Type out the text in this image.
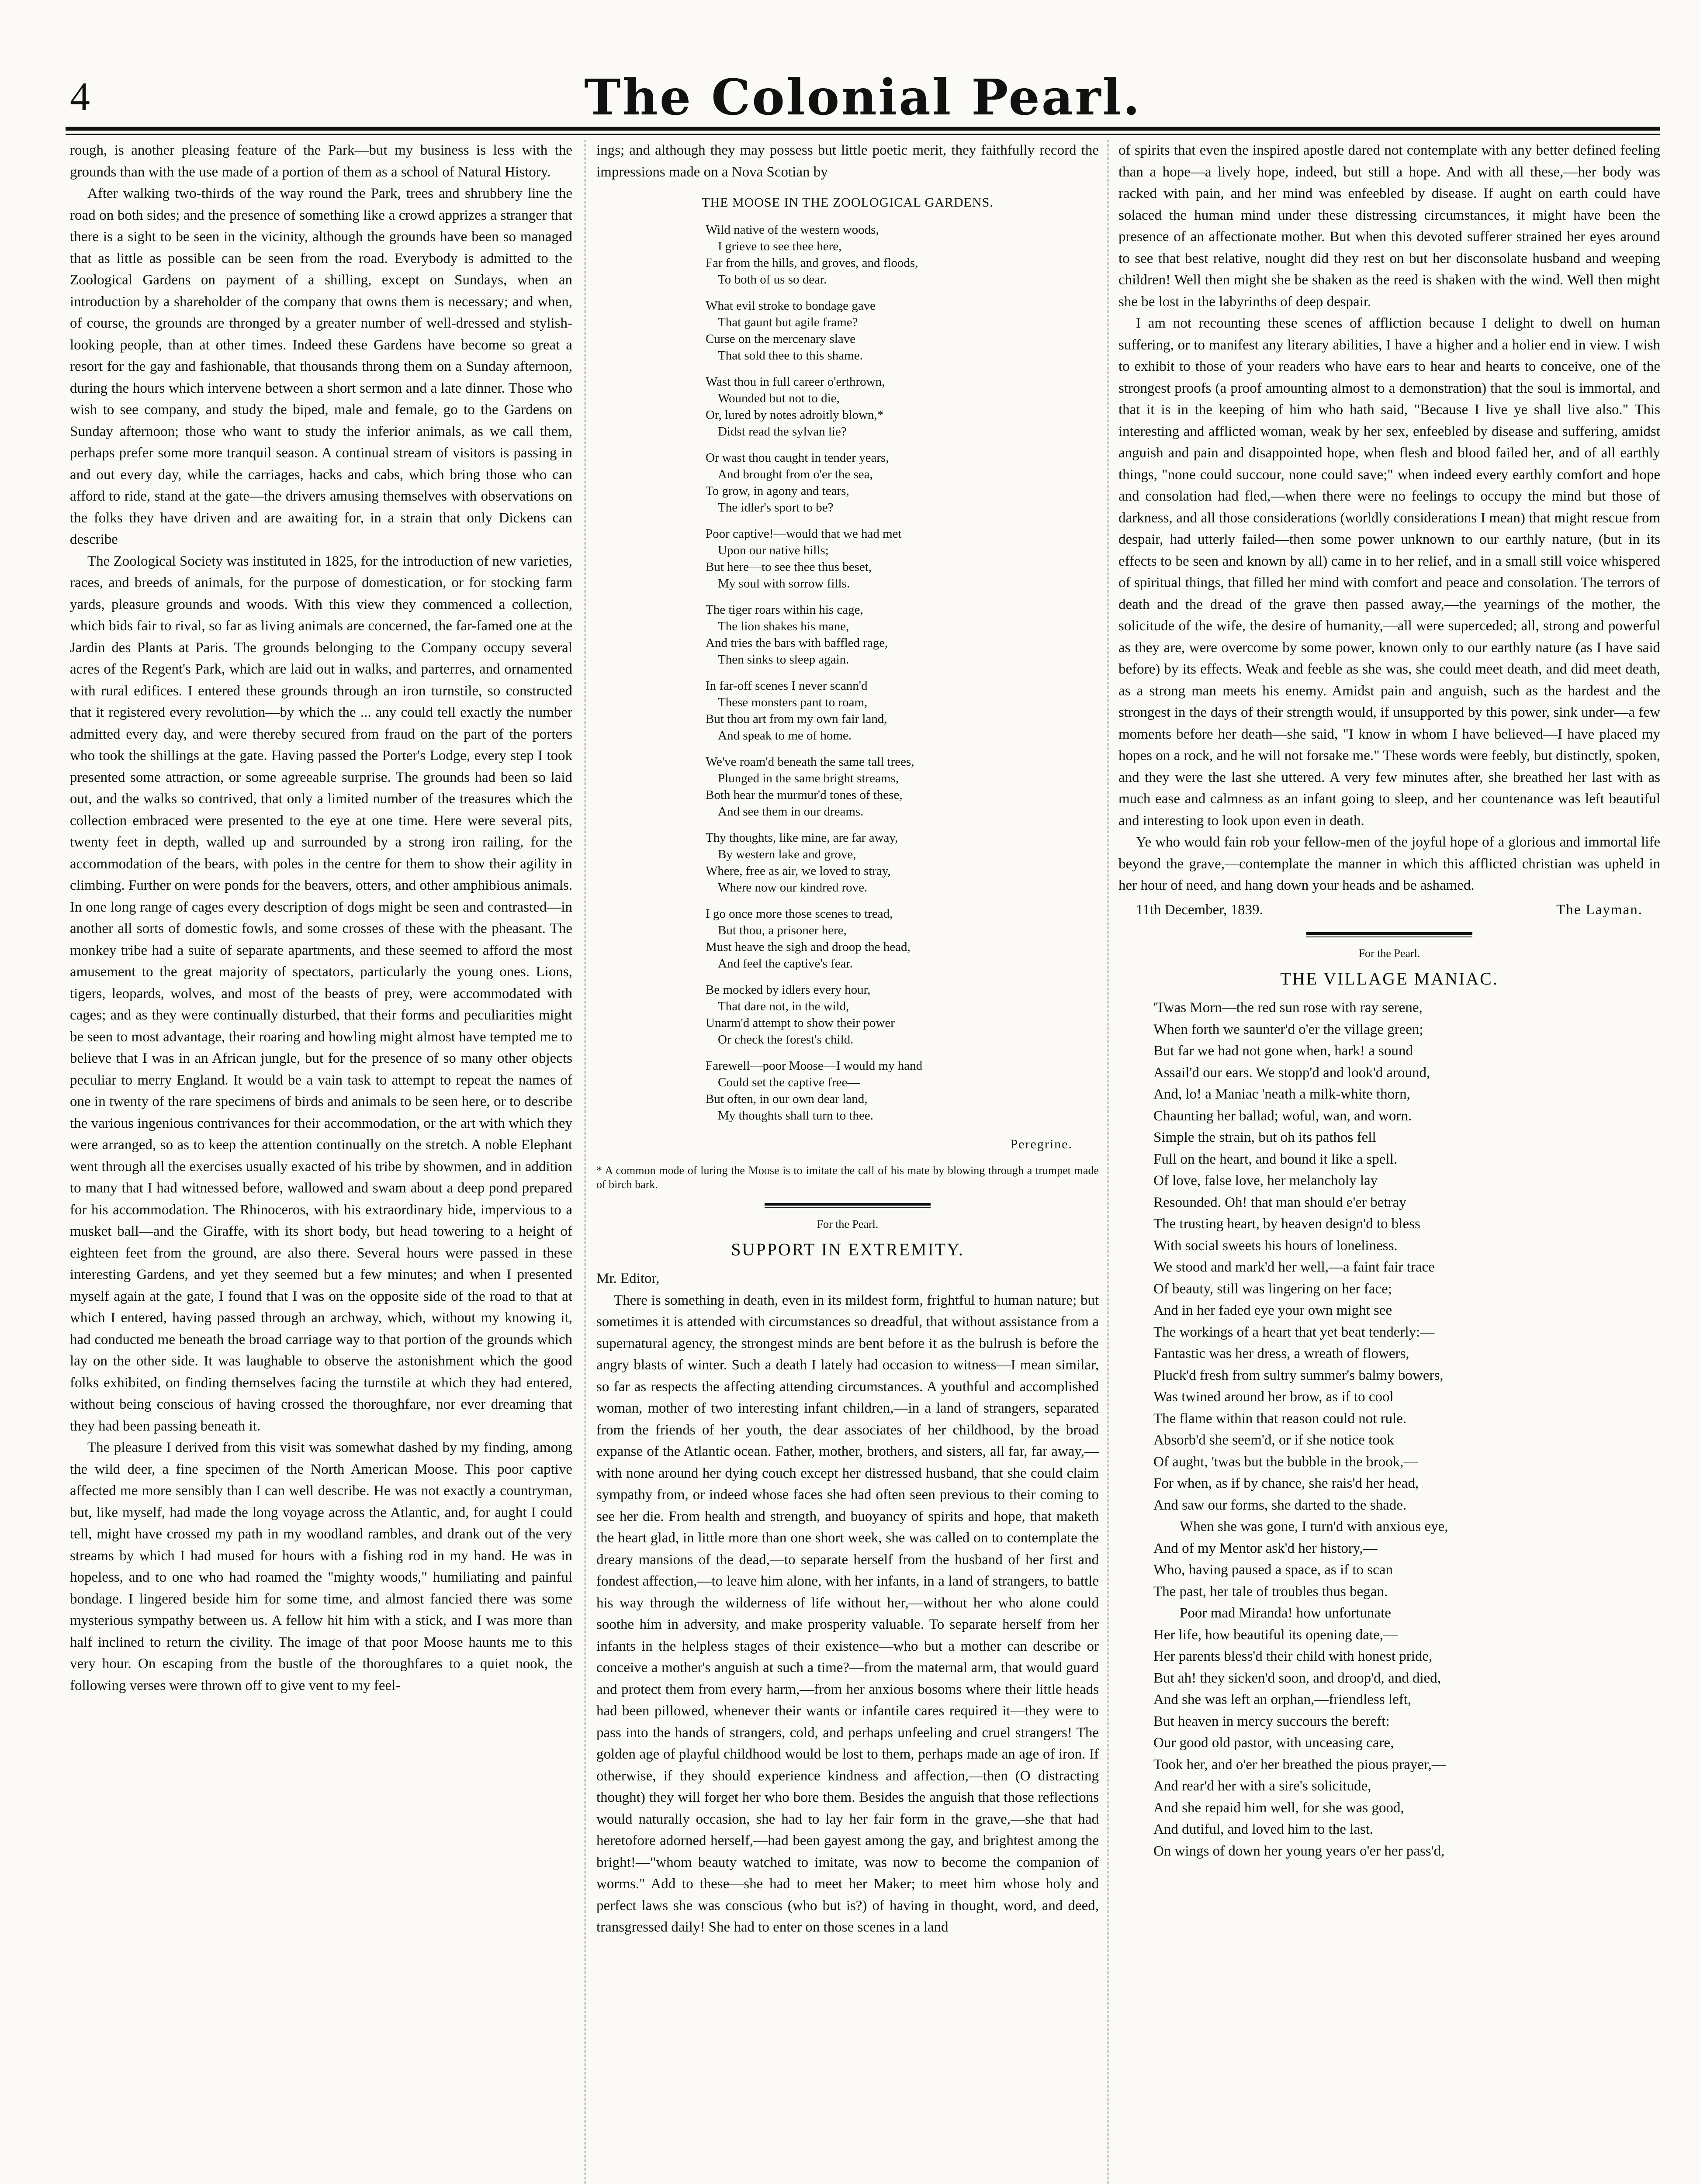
4	The Colonial Pearl.

rough, is another pleasing feature of the Park—but my business is less with the grounds than with the use made of a portion of them as a school of Natural History.

After walking two-thirds of the way round the Park, trees and shrubbery line the road on both sides; and the presence of something like a crowd apprizes a stranger that there is a sight to be seen in the vicinity, although the grounds have been so managed that as little as possible can be seen from the road. Everybody is admitted to the Zoological Gardens on payment of a shilling, except on Sundays, when an introduction by a shareholder of the company that owns them is necessary; and when, of course, the grounds are thronged by a greater number of well-dressed and stylish-looking people, than at other times. Indeed these Gardens have become so great a resort for the gay and fashionable, that thousands throng them on a Sunday afternoon, during the hours which intervene between a short sermon and a late dinner. Those who wish to see company, and study the biped, male and female, go to the Gardens on Sunday afternoon; those who want to study the inferior animals, as we call them, perhaps prefer some more tranquil season. A continual stream of visitors is passing in and out every day, while the carriages, hacks and cabs, which bring those who can afford to ride, stand at the gate—the drivers amusing themselves with observations on the folks they have driven and are awaiting for, in a strain that only Dickens can describe

The Zoological Society was instituted in 1825, for the introduction of new varieties, races, and breeds of animals, for the purpose of domestication, or for stocking farm yards, pleasure grounds and woods. With this view they commenced a collection, which bids fair to rival, so far as living animals are concerned, the far-famed one at the Jardin des Plants at Paris. The grounds belonging to the Company occupy several acres of the Regent's Park, which are laid out in walks, and parterres, and ornamented with rural edifices. I entered these grounds through an iron turnstile, so constructed that it registered every revolution—by which the ... any could tell exactly the number admitted every day, and were thereby secured from fraud on the part of the porters who took the shillings at the gate. Having passed the Porter's Lodge, every step I took presented some attraction, or some agreeable surprise. The grounds had been so laid out, and the walks so contrived, that only a limited number of the treasures which the collection embraced were presented to the eye at one time. Here were several pits, twenty feet in depth, walled up and surrounded by a strong iron railing, for the accommodation of the bears, with poles in the centre for them to show their agility in climbing. Further on were ponds for the beavers, otters, and other amphibious animals. In one long range of cages every description of dogs might be seen and contrasted—in another all sorts of domestic fowls, and some crosses of these with the pheasant. The monkey tribe had a suite of separate apartments, and these seemed to afford the most amusement to the great majority of spectators, particularly the young ones. Lions, tigers, leopards, wolves, and most of the beasts of prey, were accommodated with cages; and as they were continually disturbed, that their forms and peculiarities might be seen to most advantage, their roaring and howling might almost have tempted me to believe that I was in an African jungle, but for the presence of so many other objects peculiar to merry England. It would be a vain task to attempt to repeat the names of one in twenty of the rare specimens of birds and animals to be seen here, or to describe the various ingenious contrivances for their accommodation, or the art with which they were arranged, so as to keep the attention continually on the stretch. A noble Elephant went through all the exercises usually exacted of his tribe by showmen, and in addition to many that I had witnessed before, wallowed and swam about a deep pond prepared for his accommodation. The Rhinoceros, with his extraordinary hide, impervious to a musket ball—and the Giraffe, with its short body, but head towering to a height of eighteen feet from the ground, are also there. Several hours were passed in these interesting Gardens, and yet they seemed but a few minutes; and when I presented myself again at the gate, I found that I was on the opposite side of the road to that at which I entered, having passed through an archway, which, without my knowing it, had conducted me beneath the broad carriage way to that portion of the grounds which lay on the other side. It was laughable to observe the astonishment which the good folks exhibited, on finding themselves facing the turnstile at which they had entered, without being conscious of having crossed the thoroughfare, nor ever dreaming that they had been passing beneath it.

The pleasure I derived from this visit was somewhat dashed by my finding, among the wild deer, a fine specimen of the North American Moose. This poor captive affected me more sensibly than I can well describe. He was not exactly a countryman, but, like myself, had made the long voyage across the Atlantic, and, for aught I could tell, might have crossed my path in my woodland rambles, and drank out of the very streams by which I had mused for hours with a fishing rod in my hand. He was in hopeless, and to one who had roamed the "mighty woods," humiliating and painful bondage. I lingered beside him for some time, and almost fancied there was some mysterious sympathy between us. A fellow hit him with a stick, and I was more than half inclined to return the civility. The image of that poor Moose haunts me to this very hour. On escaping from the bustle of the thoroughfares to a quiet nook, the following verses were thrown off to give vent to my feel-

ings; and although they may possess but little poetic merit, they faithfully record the impressions made on a Nova Scotian by

THE MOOSE IN THE ZOOLOGICAL GARDENS.
Wild native of the western woods,
I grieve to see thee here,
Far from the hills, and groves, and floods,
To both of us so dear.
What evil stroke to bondage gave
That gaunt but agile frame?
Curse on the mercenary slave
That sold thee to this shame.
Wast thou in full career o'erthrown,
Wounded but not to die,
Or, lured by notes adroitly blown,*
Didst read the sylvan lie?
Or wast thou caught in tender years,
And brought from o'er the sea,
To grow, in agony and tears,
The idler's sport to be?
Poor captive!—would that we had met
Upon our native hills;
But here—to see thee thus beset,
My soul with sorrow fills.
The tiger roars within his cage,
The lion shakes his mane,
And tries the bars with baffled rage,
Then sinks to sleep again.
In far-off scenes I never scann'd
These monsters pant to roam,
But thou art from my own fair land,
And speak to me of home.
We've roam'd beneath the same tall trees,
Plunged in the same bright streams,
Both hear the murmur'd tones of these,
And see them in our dreams.
Thy thoughts, like mine, are far away,
By western lake and grove,
Where, free as air, we loved to stray,
Where now our kindred rove.
I go once more those scenes to tread,
But thou, a prisoner here,
Must heave the sigh and droop the head,
And feel the captive's fear.
Be mocked by idlers every hour,
That dare not, in the wild,
Unarm'd attempt to show their power
Or check the forest's child.
Farewell—poor Moose—I would my hand
Could set the captive free—
But often, in our own dear land,
My thoughts shall turn to thee.
Peregrine.
* A common mode of luring the Moose is to imitate the call of his mate by blowing through a trumpet made of birch bark.
For the Pearl.
SUPPORT IN EXTREMITY.

Mr. Editor,

There is something in death, even in its mildest form, frightful to human nature; but sometimes it is attended with circumstances so dreadful, that without assistance from a supernatural agency, the strongest minds are bent before it as the bulrush is before the angry blasts of winter. Such a death I lately had occasion to witness—I mean similar, so far as respects the affecting attending circumstances. A youthful and accomplished woman, mother of two interesting infant children,—in a land of strangers, separated from the friends of her youth, the dear associates of her childhood, by the broad expanse of the Atlantic ocean. Father, mother, brothers, and sisters, all far, far away,—with none around her dying couch except her distressed husband, that she could claim sympathy from, or indeed whose faces she had often seen previous to their coming to see her die. From health and strength, and buoyancy of spirits and hope, that maketh the heart glad, in little more than one short week, she was called on to contemplate the dreary mansions of the dead,—to separate herself from the husband of her first and fondest affection,—to leave him alone, with her infants, in a land of strangers, to battle his way through the wilderness of life without her,—without her who alone could soothe him in adversity, and make prosperity valuable. To separate herself from her infants in the helpless stages of their existence—who but a mother can describe or conceive a mother's anguish at such a time?—from the maternal arm, that would guard and protect them from every harm,—from her anxious bosoms where their little heads had been pillowed, whenever their wants or infantile cares required it—they were to pass into the hands of strangers, cold, and perhaps unfeeling and cruel strangers! The golden age of playful childhood would be lost to them, perhaps made an age of iron. If otherwise, if they should experience kindness and affection,—then (O distracting thought) they will forget her who bore them. Besides the anguish that those reflections would naturally occasion, she had to lay her fair form in the grave,—she that had heretofore adorned herself,—had been gayest among the gay, and brightest among the bright!—"whom beauty watched to imitate, was now to become the companion of worms." Add to these—she had to meet her Maker; to meet him whose holy and perfect laws she was conscious (who but is?) of having in thought, word, and deed, transgressed daily! She had to enter on those scenes in a land

of spirits that even the inspired apostle dared not contemplate with any better defined feeling than a hope—a lively hope, indeed, but still a hope. And with all these,—her body was racked with pain, and her mind was enfeebled by disease. If aught on earth could have solaced the human mind under these distressing circumstances, it might have been the presence of an affectionate mother. But when this devoted sufferer strained her eyes around to see that best relative, nought did they rest on but her disconsolate husband and weeping children! Well then might she be shaken as the reed is shaken with the wind. Well then might she be lost in the labyrinths of deep despair.

I am not recounting these scenes of affliction because I delight to dwell on human suffering, or to manifest any literary abilities, I have a higher and a holier end in view. I wish to exhibit to those of your readers who have ears to hear and hearts to conceive, one of the strongest proofs (a proof amounting almost to a demonstration) that the soul is immortal, and that it is in the keeping of him who hath said, "Because I live ye shall live also." This interesting and afflicted woman, weak by her sex, enfeebled by disease and suffering, amidst anguish and pain and disappointed hope, when flesh and blood failed her, and of all earthly things, "none could succour, none could save;" when indeed every earthly comfort and hope and consolation had fled,—when there were no feelings to occupy the mind but those of darkness, and all those considerations (worldly considerations I mean) that might rescue from despair, had utterly failed—then some power unknown to our earthly nature, (but in its effects to be seen and known by all) came in to her relief, and in a small still voice whispered of spiritual things, that filled her mind with comfort and peace and consolation. The terrors of death and the dread of the grave then passed away,—the yearnings of the mother, the solicitude of the wife, the desire of humanity,—all were superceded; all, strong and powerful as they are, were overcome by some power, known only to our earthly nature (as I have said before) by its effects. Weak and feeble as she was, she could meet death, and did meet death, as a strong man meets his enemy. Amidst pain and anguish, such as the hardest and the strongest in the days of their strength would, if unsupported by this power, sink under—a few moments before her death—she said, "I know in whom I have believed—I have placed my hopes on a rock, and he will not forsake me." These words were feebly, but distinctly, spoken, and they were the last she uttered. A very few minutes after, she breathed her last with as much ease and calmness as an infant going to sleep, and her countenance was left beautiful and interesting to look upon even in death.

Ye who would fain rob your fellow-men of the joyful hope of a glorious and immortal life beyond the grave,—contemplate the manner in which this afflicted christian was upheld in her hour of need, and hang down your heads and be ashamed.

11th December, 1839.	The Layman.
For the Pearl.
THE VILLAGE MANIAC.
'Twas Morn—the red sun rose with ray serene,
When forth we saunter'd o'er the village green;
But far we had not gone when, hark! a sound
Assail'd our ears. We stopp'd and look'd around,
And, lo! a Maniac 'neath a milk-white thorn,
Chaunting her ballad; woful, wan, and worn.
Simple the strain, but oh its pathos fell
Full on the heart, and bound it like a spell.
Of love, false love, her melancholy lay
Resounded. Oh! that man should e'er betray
The trusting heart, by heaven design'd to bless
With social sweets his hours of loneliness.
We stood and mark'd her well,—a faint fair trace
Of beauty, still was lingering on her face;
And in her faded eye your own might see
The workings of a heart that yet beat tenderly:—
Fantastic was her dress, a wreath of flowers,
Pluck'd fresh from sultry summer's balmy bowers,
Was twined around her brow, as if to cool
The flame within that reason could not rule.
Absorb'd she seem'd, or if she notice took
Of aught, 'twas but the bubble in the brook,—
For when, as if by chance, she rais'd her head,
And saw our forms, she darted to the shade.
When she was gone, I turn'd with anxious eye,
And of my Mentor ask'd her history,—
Who, having paused a space, as if to scan
The past, her tale of troubles thus began.
Poor mad Miranda! how unfortunate
Her life, how beautiful its opening date,—
Her parents bless'd their child with honest pride,
But ah! they sicken'd soon, and droop'd, and died,
And she was left an orphan,—friendless left,
But heaven in mercy succours the bereft:
Our good old pastor, with unceasing care,
Took her, and o'er her breathed the pious prayer,—
And rear'd her with a sire's solicitude,
And she repaid him well, for she was good,
And dutiful, and loved him to the last.
On wings of down her young years o'er her pass'd,
